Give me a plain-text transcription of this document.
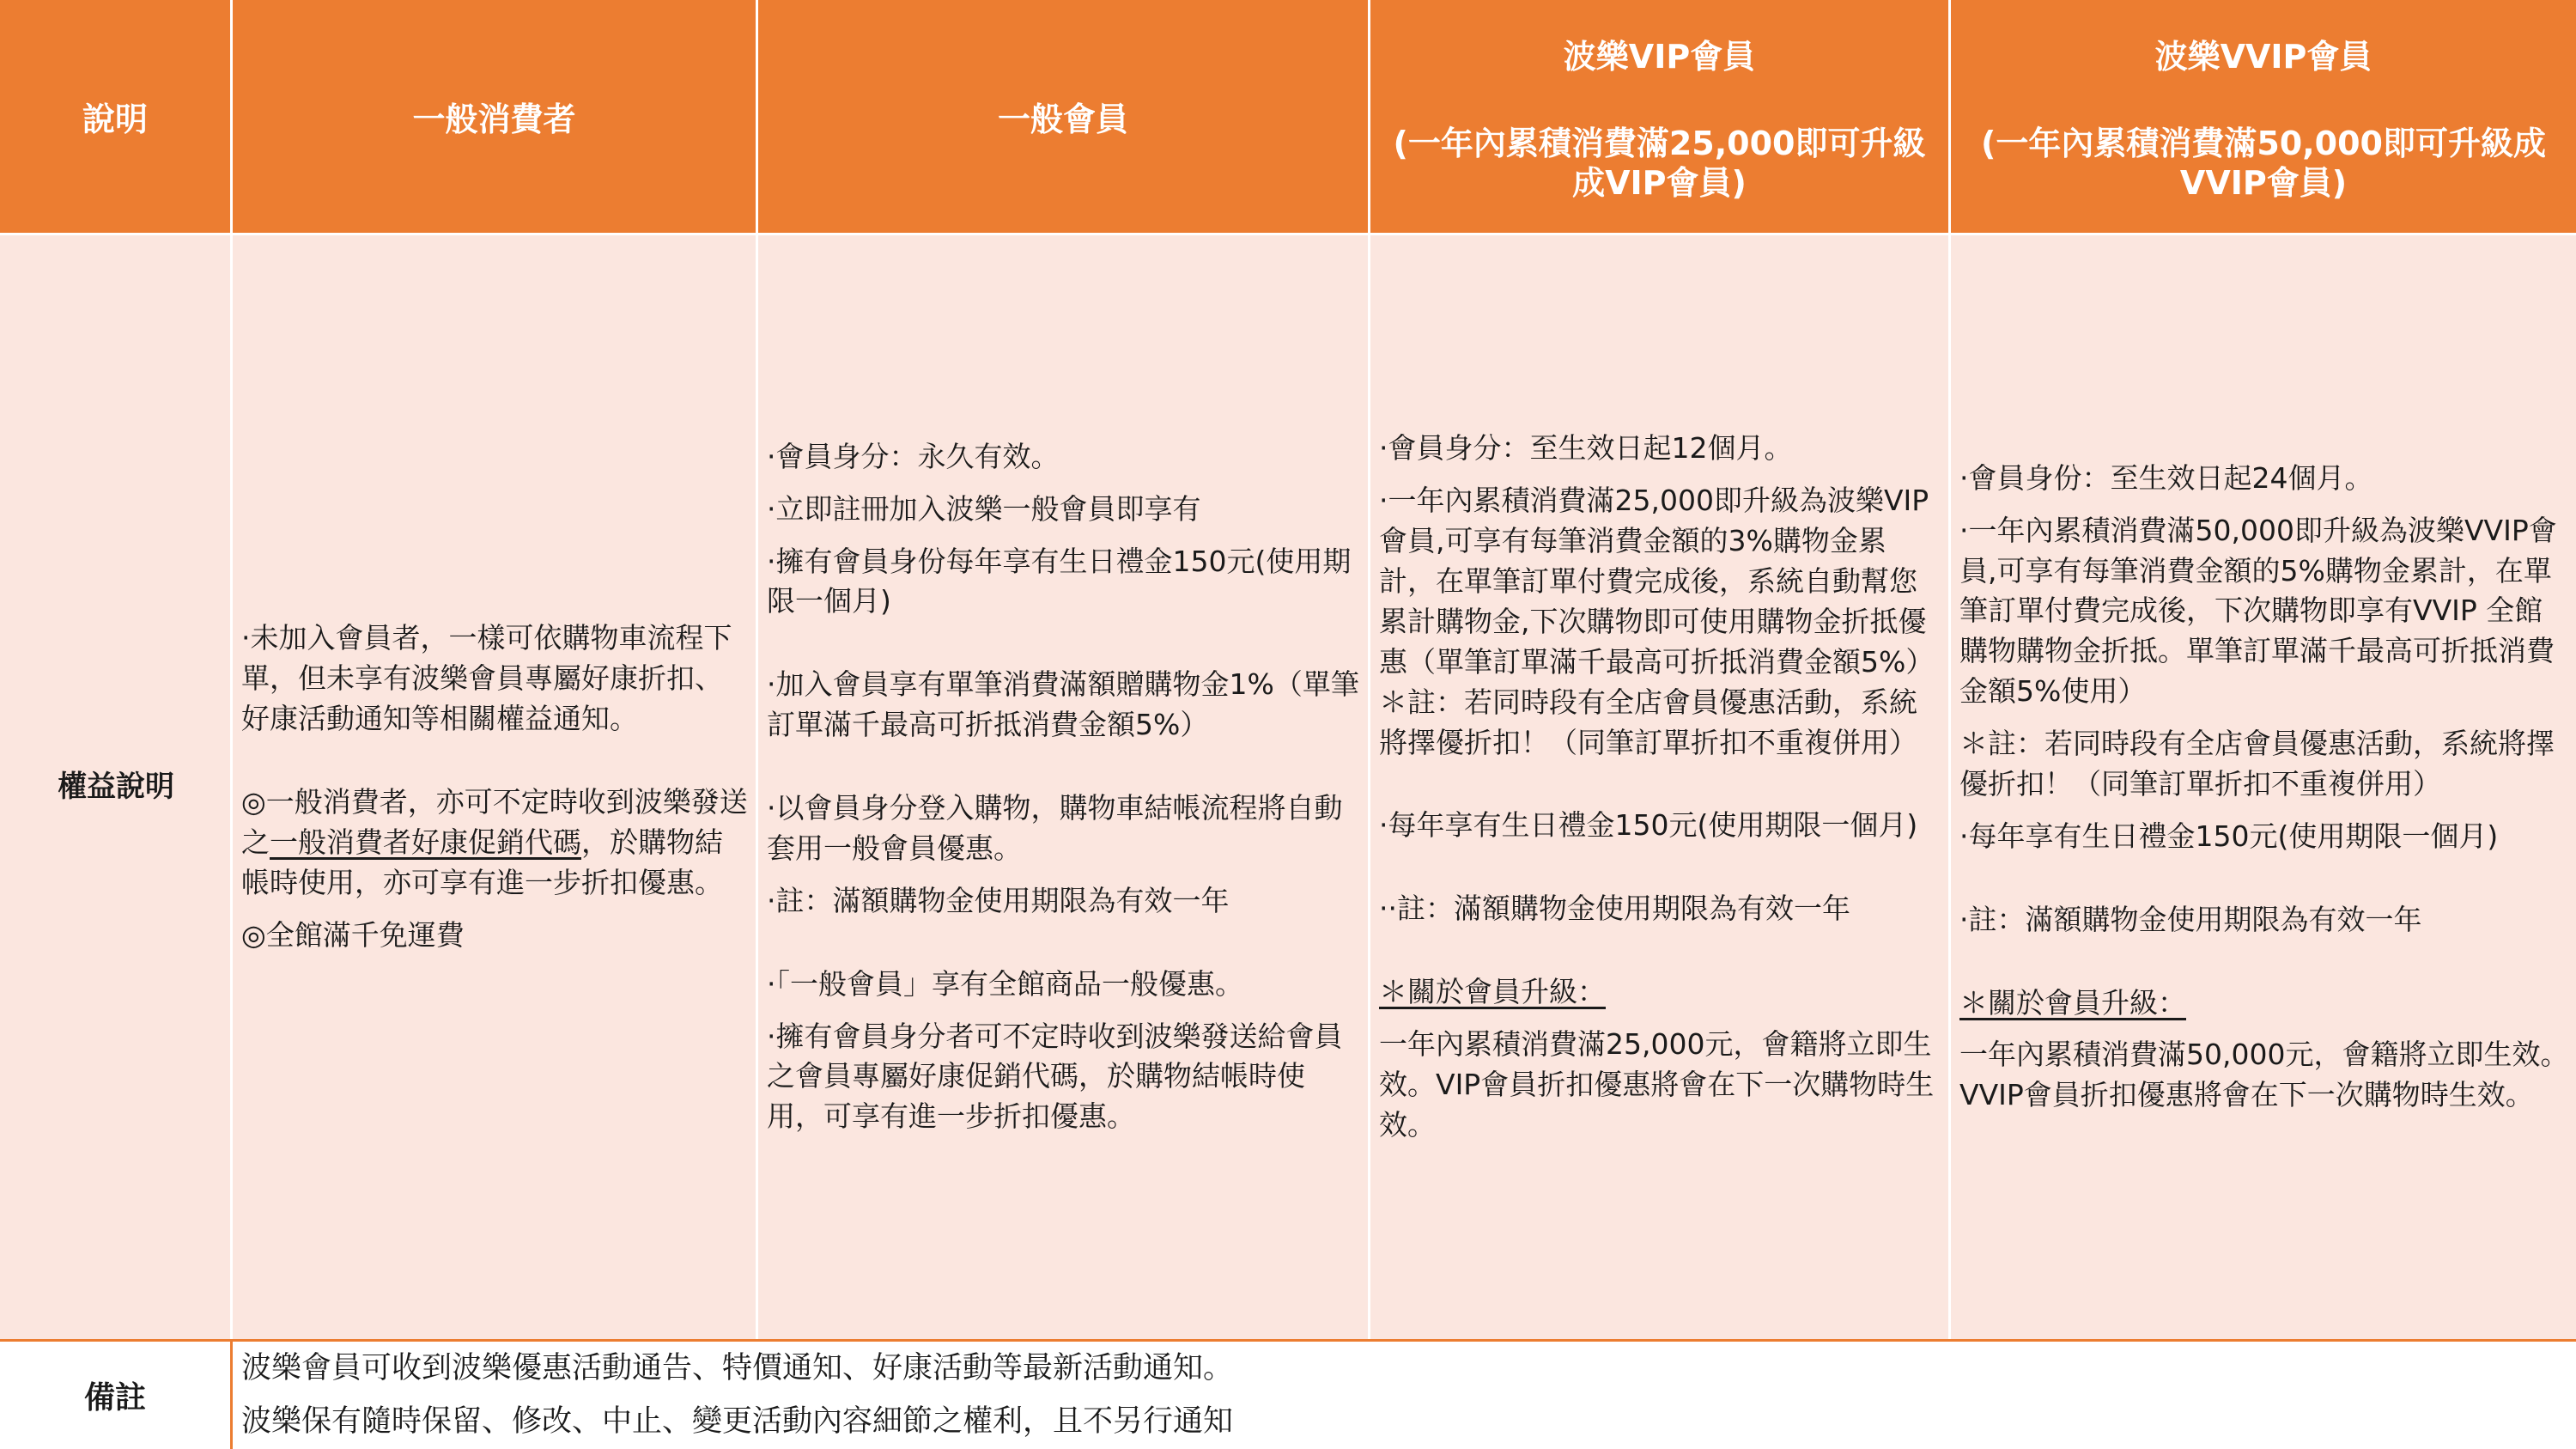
說明	一般消費者	一般會員
波樂VIP會員
(一年內累積消費滿25,000即可升級成VIP會員)
波樂VVIP會員
(一年內累積消費滿50,000即可升級成VVIP會員)
權益說明

·未加入會員者，一樣可依購物車流程下單，但未享有波樂會員專屬好康折扣、好康活動通知等相關權益通知。

◎一般消費者，亦可不定時收到波樂發送之一般消費者好康促銷代碼，於購物結帳時使用，亦可享有進一步折扣優惠。

◎全館滿千免運費

·會員身分：永久有效。

·立即註冊加入波樂一般會員即享有

·擁有會員身份每年享有生日禮金150元(使用期限一個月)

·加入會員享有單筆消費滿額贈購物金1%（單筆訂單滿千最高可折抵消費金額5%）

·以會員身分登入購物，購物車結帳流程將自動套用一般會員優惠。

·註：滿額購物金使用期限為有效一年

·「一般會員」享有全館商品一般優惠。

·擁有會員身分者可不定時收到波樂發送給會員之會員專屬好康促銷代碼，於購物結帳時使用，可享有進一步折扣優惠。

·會員身分：至生效日起12個月。

·一年內累積消費滿25,000即升級為波樂VIP會員,可享有每筆消費金額的3%購物金累計，在單筆訂單付費完成後，系統自動幫您累計購物金,下次購物即可使用購物金折抵優惠（單筆訂單滿千最高可折抵消費金額5%）

＊註：若同時段有全店會員優惠活動，系統將擇優折扣！（同筆訂單折扣不重複併用）

·每年享有生日禮金150元(使用期限一個月)

··註：滿額購物金使用期限為有效一年

＊關於會員升級：

一年內累積消費滿25,000元，會籍將立即生效。VIP會員折扣優惠將會在下一次購物時生效。

·會員身份：至生效日起24個月。

·一年內累積消費滿50,000即升級為波樂VVIP會員,可享有每筆消費金額的5%購物金累計，在單筆訂單付費完成後，下次購物即享有VVIP 全館購物購物金折抵。單筆訂單滿千最高可折抵消費金額5%使用）

＊註：若同時段有全店會員優惠活動，系統將擇優折扣！（同筆訂單折扣不重複併用）

·每年享有生日禮金150元(使用期限一個月)

·註：滿額購物金使用期限為有效一年

＊關於會員升級：

一年內累積消費滿50,000元，會籍將立即生效。VVIP會員折扣優惠將會在下一次購物時生效。

備註

波樂會員可收到波樂優惠活動通告、特價通知、好康活動等最新活動通知。

波樂保有隨時保留、修改、中止、變更活動內容細節之權利，且不另行通知
